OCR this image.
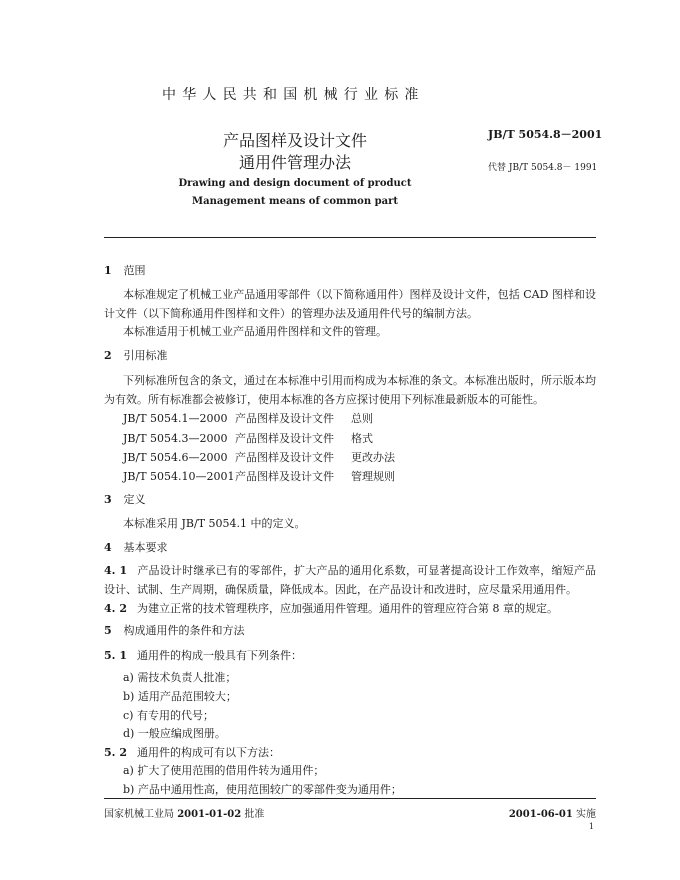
中华人民共和国机械行业标准
产品图样及设计文件
通用件管理办法
Drawing and design document of product
Management means of common part
JB/T 5054.8－2001
代替 JB/T 5054.8－ 1991
1 范围
本标准规定了机械工业产品通用零部件（以下简称通用件）图样及设计文件，包括 CAD 图样和设计文件（以下简称通用件图样和文件）的管理办法及通用件代号的编制方法。
本标准适用于机械工业产品通用件图样和文件的管理。
2 引用标准
下列标准所包含的条文，通过在本标准中引用而构成为本标准的条文。本标准出版时，所示版本均为有效。所有标准都会被修订，使用本标准的各方应探讨使用下列标准最新版本的可能性。
JB/T 5054.1—2000 产品图样及设计文件 总则
JB/T 5054.3—2000 产品图样及设计文件 格式
JB/T 5054.6—2000 产品图样及设计文件 更改办法
JB/T 5054.10—2001产品图样及设计文件 管理规则
3 定义
本标准采用 JB/T 5054.1 中的定义。
4 基本要求
4. 1 产品设计时继承已有的零部件，扩大产品的通用化系数，可显著提高设计工作效率，缩短产品设计、试制、生产周期，确保质量，降低成本。因此，在产品设计和改进时，应尽量采用通用件。
4. 2 为建立正常的技术管理秩序，应加强通用件管理。通用件的管理应符合第 8 章的规定。
5 构成通用件的条件和方法
5. 1 通用件的构成一般具有下列条件：
a) 需技术负责人批准；
b) 适用产品范围较大；
c) 有专用的代号；
d) 一般应编成图册。
5. 2 通用件的构成可有以下方法：
a) 扩大了使用范围的借用件转为通用件；
b) 产品中通用性高，使用范围较广的零部件变为通用件；
国家机械工业局 2001-01-02 批准	2001-06-01 实施
1
